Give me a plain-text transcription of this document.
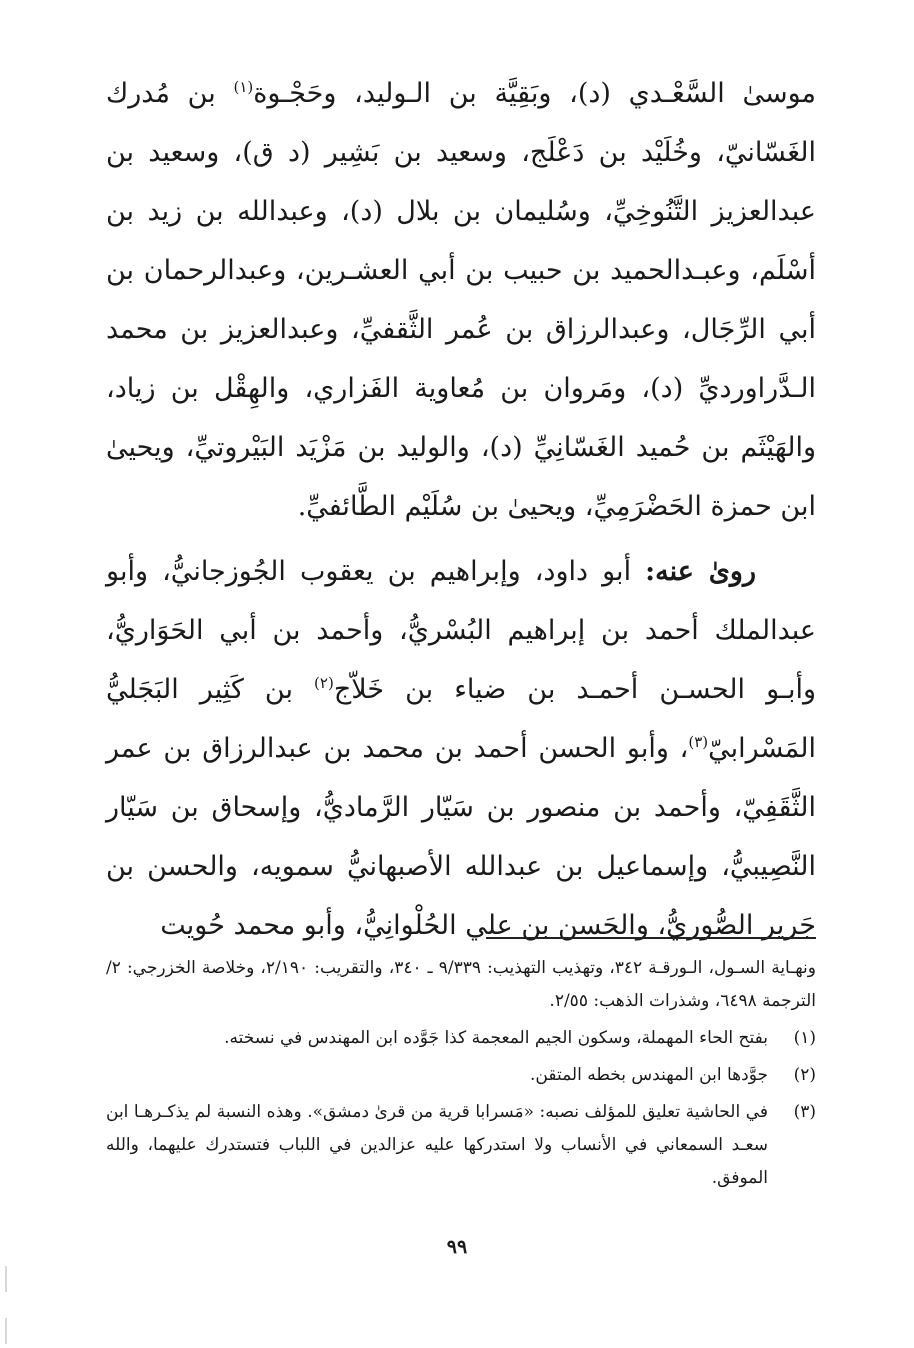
موسىٰ السَّعْـدي (د)، وبَقِيَّة بن الـوليد، وحَجْـوة$^{(١)}$ بن مُدرك الغَسّانيّ، وخُلَيْد بن دَعْلَج، وسعيد بن بَشِير (د ق)، وسعيد بن عبدالعزيز التَّنُوخِيِّ، وسُليمان بن بلال (د)، وعبدالله بن زيد بن أسْلَم، وعبـدالحميد بن حبيب بن أبي العشـرين، وعبدالرحمان بن أبي الرِّجَال، وعبدالرزاق بن عُمر الثَّقفيِّ، وعبدالعزيز بن محمد الـدَّراورديِّ (د)، ومَروان بن مُعاوية الفَزاري، والهِقْل بن زياد، والهَيْثَم بن حُميد الغَسّانِيِّ (د)، والوليد بن مَزْيَد البَيْروتيِّ، ويحيىٰ ابن حمزة الحَضْرَمِيِّ، ويحيىٰ بن سُلَيْم الطَّائفيِّ.

روىٰ عنه: أبو داود، وإبراهيم بن يعقوب الجُوزجانيُّ، وأبو عبدالملك أحمد بن إبراهيم البُسْريُّ، وأحمد بن أبي الحَوَاريُّ، وأبـو الحسـن أحمـد بن ضياء بن خَلاّج$^{(٢)}$ بن كَثِير البَجَليُّ المَسْرابيّ$^{(٣)}$، وأبو الحسن أحمد بن محمد بن عبدالرزاق بن عمر الثَّقَفِيّ، وأحمد بن منصور بن سَيّار الرَّماديُّ، وإسحاق بن سَيّار النَّصِيبيُّ، وإسماعيل بن عبدالله الأصبهانيُّ سمويه، والحسن بن جَرير الصُّوريُّ، والحَسن بن علي الحُلْوانِيُّ، وأبو محمد حُويت

ونهـاية السـول، الـورقـة ٣٤٢، وتهذيب التهذيب: ٩/٣٣٩ ـ ٣٤٠، والتقريب: ٢/١٩٠، وخلاصة الخزرجي: ٢/الترجمة ٦٤٩٨، وشذرات الذهب: ٢/٥٥.

(١)
بفتح الحاء المهملة، وسكون الجيم المعجمة كذا جَوَّده ابن المهندس في نسخته.
(٢)
جوَّدها ابن المهندس بخطه المتقن.
(٣)
في الحاشية تعليق للمؤلف نصبه: «مَسرابا قرية من قرىٰ دمشق». وهذه النسبة لم يذكـرهـا ابن سعـد السمعاني في الأنساب ولا استدركها عليه عزالدين في اللباب فتستدرك عليهما، والله الموفق.
٩٩
